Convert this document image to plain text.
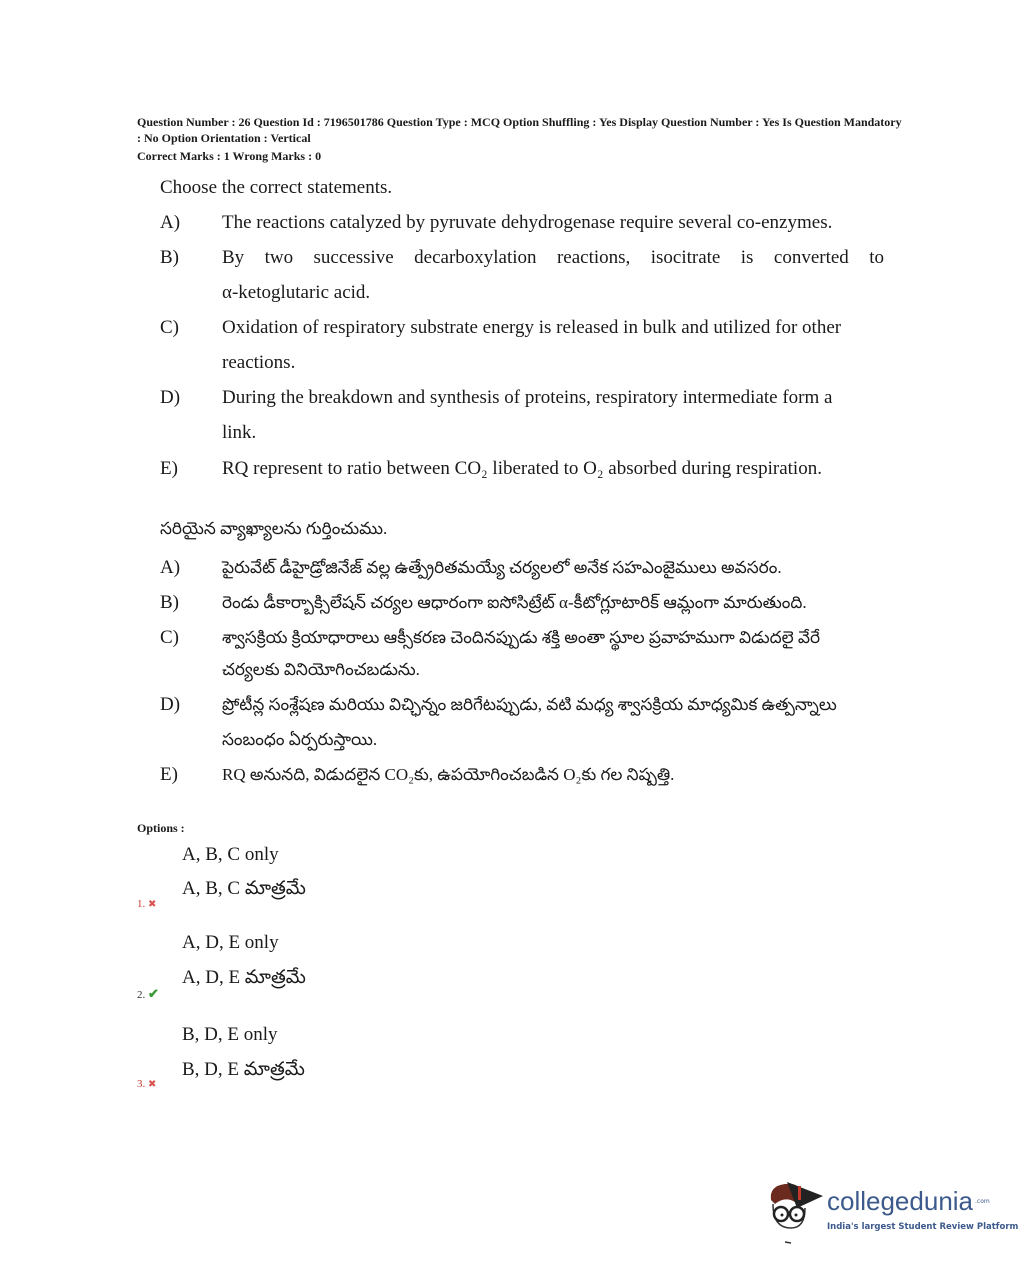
Question Number : 26 Question Id : 7196501786 Question Type : MCQ Option Shuffling : Yes Display Question Number : Yes Is Question Mandatory : No Option Orientation : Vertical
Correct Marks : 1 Wrong Marks : 0
Choose the correct statements.
A) The reactions catalyzed by pyruvate dehydrogenase require several co-enzymes.
B) By two successive decarboxylation reactions, isocitrate is converted to
α-ketoglutaric acid.
C) Oxidation of respiratory substrate energy is released in bulk and utilized for other
reactions.
D) During the breakdown and synthesis of proteins, respiratory intermediate form a
link.
E) RQ represent to ratio between CO₂ liberated to O₂ absorbed during respiration.
సరియైన వ్యాఖ్యాలను గుర్తించుము.
A) పైరువేట్ డీహైడ్రోజినేజ్ వల్ల ఉత్ప్రేరితమయ్యే చర్యలలో అనేక సహఎంజైములు అవసరం.
B)	రెండు డీకార్బాక్సిలేషన్ చర్యల ఆధారంగా ఐసోసిట్రేట్ α-కీటోగ్లూటారిక్ ఆమ్లంగా మారుతుంది.
C)	శ్వాసక్రియ క్రియాధారాలు ఆక్సీకరణ చెందినప్పుడు శక్తి అంతా స్థూల ప్రవాహముగా విడుదలై వేరే
చర్యలకు వినియోగించబడును.
D) ప్రోటీన్ల సంశ్లేషణ మరియు విచ్ఛిన్నం జరిగేటప్పుడు, వటి మధ్య శ్వాసక్రియ మాధ్యమిక ఉత్పన్నాలు
సంబంధం ఏర్పరుస్తాయి.
E)	RQ అనునది, విడుదలైన CO₂కు, ఉపయోగించబడిన O₂కు గల నిష్పత్తి.
Options :
A, B, C only
A, B, C మాత్రమే
1. ✖
A, D, E only
A, D, E మాత్రమే
2. ✔
B, D, E only
B, D, E మాత్రమే
3. ✖
collegedunia .com
India's largest Student Review Platform
